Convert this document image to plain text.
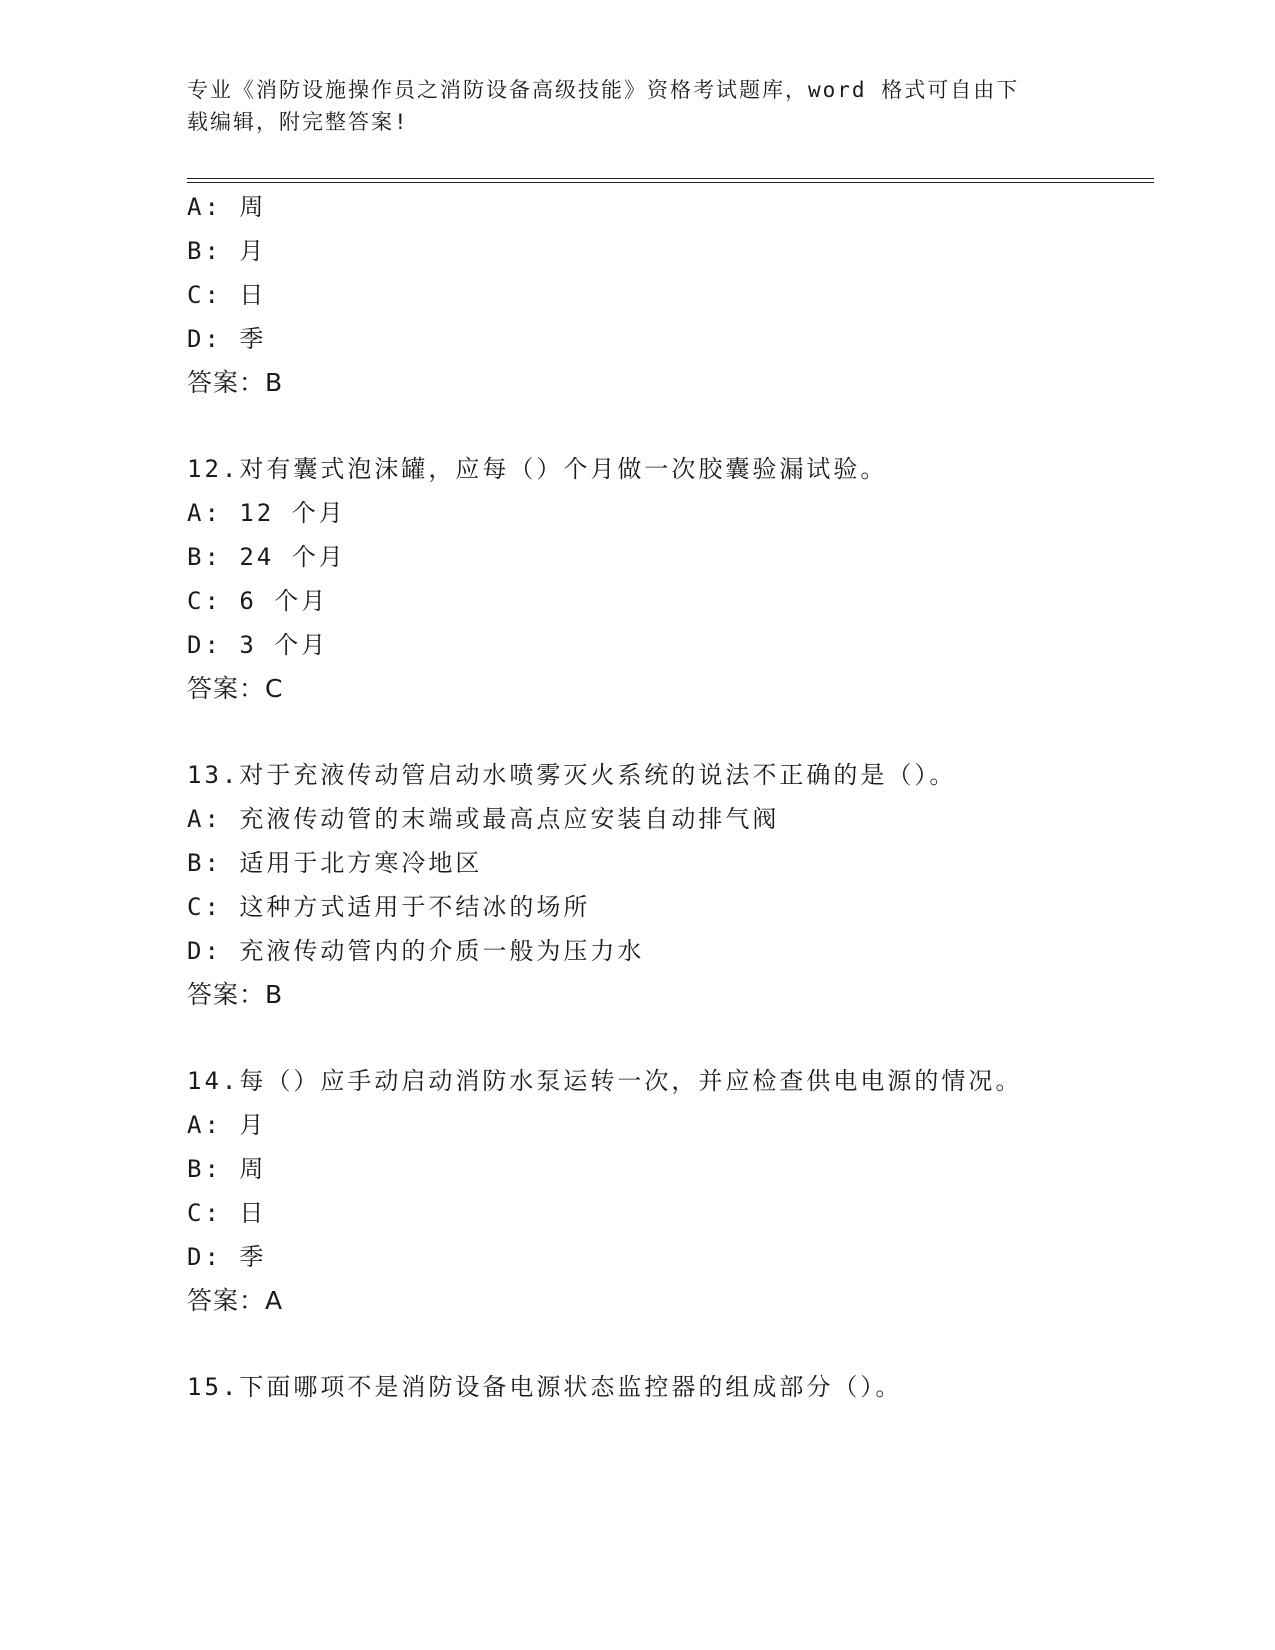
专业《消防设施操作员之消防设备高级技能》资格考试题库，word 格式可自由下
载编辑，附完整答案!
A: 周
B: 月
C: 日
D: 季
答案：B
12.对有囊式泡沫罐，应每（）个月做一次胶囊验漏试验。
A: 12 个月
B: 24 个月
C: 6 个月
D: 3 个月
答案：C
13.对于充液传动管启动水喷雾灭火系统的说法不正确的是（）。
A: 充液传动管的末端或最高点应安装自动排气阀
B: 适用于北方寒冷地区
C: 这种方式适用于不结冰的场所
D: 充液传动管内的介质一般为压力水
答案：B
14.每（）应手动启动消防水泵运转一次，并应检查供电电源的情况。
A: 月
B: 周
C: 日
D: 季
答案：A
15.下面哪项不是消防设备电源状态监控器的组成部分（）。
